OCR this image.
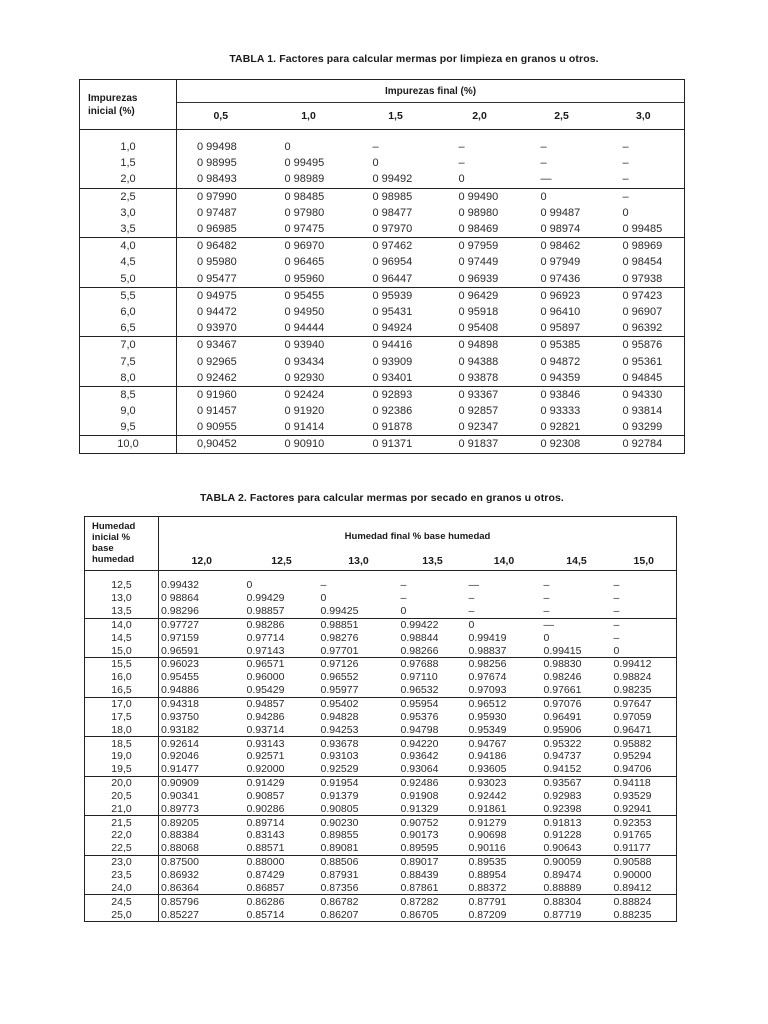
TABLA 1. Factores para calcular mermas por limpieza en granos u otros.
Impurezas
inicial (%)	Impurezas final (%)					
	0,5	1,0	1,5	2,0	2,5	3,0

1,0	0 99498	0	–	–	–	–
1,5	0 98995	0 99495	0	–	–	–
2,0	0 98493	0 98989	0 99492	0	—	–
2,5	0 97990	0 98485	0 98985	0 99490	0	–
3,0	0 97487	0 97980	0 98477	0 98980	0 99487	0
3,5	0 96985	0 97475	0 97970	0 98469	0 98974	0 99485
4,0	0 96482	0 96970	0 97462	0 97959	0 98462	0 98969
4,5	0 95980	0 96465	0 96954	0 97449	0 97949	0 98454
5,0	0 95477	0 95960	0 96447	0 96939	0 97436	0 97938
5,5	0 94975	0 95455	0 95939	0 96429	0 96923	0 97423
6,0	0 94472	0 94950	0 95431	0 95918	0 96410	0 96907
6,5	0 93970	0 94444	0 94924	0 95408	0 95897	0 96392
7,0	0 93467	0 93940	0 94416	0 94898	0 95385	0 95876
7,5	0 92965	0 93434	0 93909	0 94388	0 94872	0 95361
8,0	0 92462	0 92930	0 93401	0 93878	0 94359	0 94845
8,5	0 91960	0 92424	0 92893	0 93367	0 93846	0 94330
9,0	0 91457	0 91920	0 92386	0 92857	0 93333	0 93814
9,5	0 90955	0 91414	0 91878	0 92347	0 92821	0 93299
10,0	0,90452	0 90910	0 91371	0 91837	0 92308	0 92784
TABLA 2. Factores para calcular mermas por secado en granos u otros.
Humedad
inicial %
base
humedad	Humedad final % base humedad						
	12,0	12,5	13,0	13,5	14,0	14,5	15,0

12,5	0.99432	0	–	–	—	–	–
13,0	0 98864	0.99429	0	–	–	–	–
13,5	0.98296	0.98857	0.99425	0	–	–	–
14,0	0.97727	0.98286	0.98851	0.99422	0	—	–
14,5	0.97159	0.97714	0.98276	0.98844	0.99419	0	–
15,0	0.96591	0.97143	0.97701	0.98266	0.98837	0.99415	0
15,5	0.96023	0.96571	0.97126	0.97688	0.98256	0.98830	0.99412
16,0	0.95455	0.96000	0.96552	0.97110	0.97674	0.98246	0.98824
16,5	0.94886	0.95429	0.95977	0.96532	0.97093	0.97661	0.98235
17,0	0.94318	0.94857	0.95402	0.95954	0.96512	0.97076	0.97647
17,5	0.93750	0.94286	0.94828	0.95376	0.95930	0.96491	0.97059
18,0	0.93182	0.93714	0.94253	0.94798	0.95349	0.95906	0.96471
18,5	0.92614	0.93143	0.93678	0.94220	0.94767	0.95322	0.95882
19,0	0.92046	0.92571	0.93103	0.93642	0.94186	0.94737	0.95294
19,5	0.91477	0.92000	0.92529	0.93064	0.93605	0.94152	0.94706
20,0	0.90909	0.91429	0.91954	0.92486	0.93023	0.93567	0.94118
20,5	0.90341	0.90857	0.91379	0.91908	0.92442	0.92983	0.93529
21,0	0.89773	0.90286	0.90805	0.91329	0.91861	0.92398	0.92941
21,5	0.89205	0.89714	0.90230	0.90752	0.91279	0.91813	0.92353
22,0	0.88384	0.83143	0.89855	0.90173	0.90698	0.91228	0.91765
22,5	0.88068	0.88571	0.89081	0.89595	0.90116	0.90643	0.91177
23,0	0.87500	0.88000	0.88506	0.89017	0.89535	0.90059	0.90588
23,5	0.86932	0.87429	0.87931	0.88439	0.88954	0.89474	0.90000
24,0	0.86364	0.86857	0.87356	0.87861	0.88372	0.88889	0.89412
24,5	0.85796	0.86286	0.86782	0.87282	0.87791	0.88304	0.88824
25,0	0.85227	0.85714	0.86207	0.86705	0.87209	0.87719	0.88235
